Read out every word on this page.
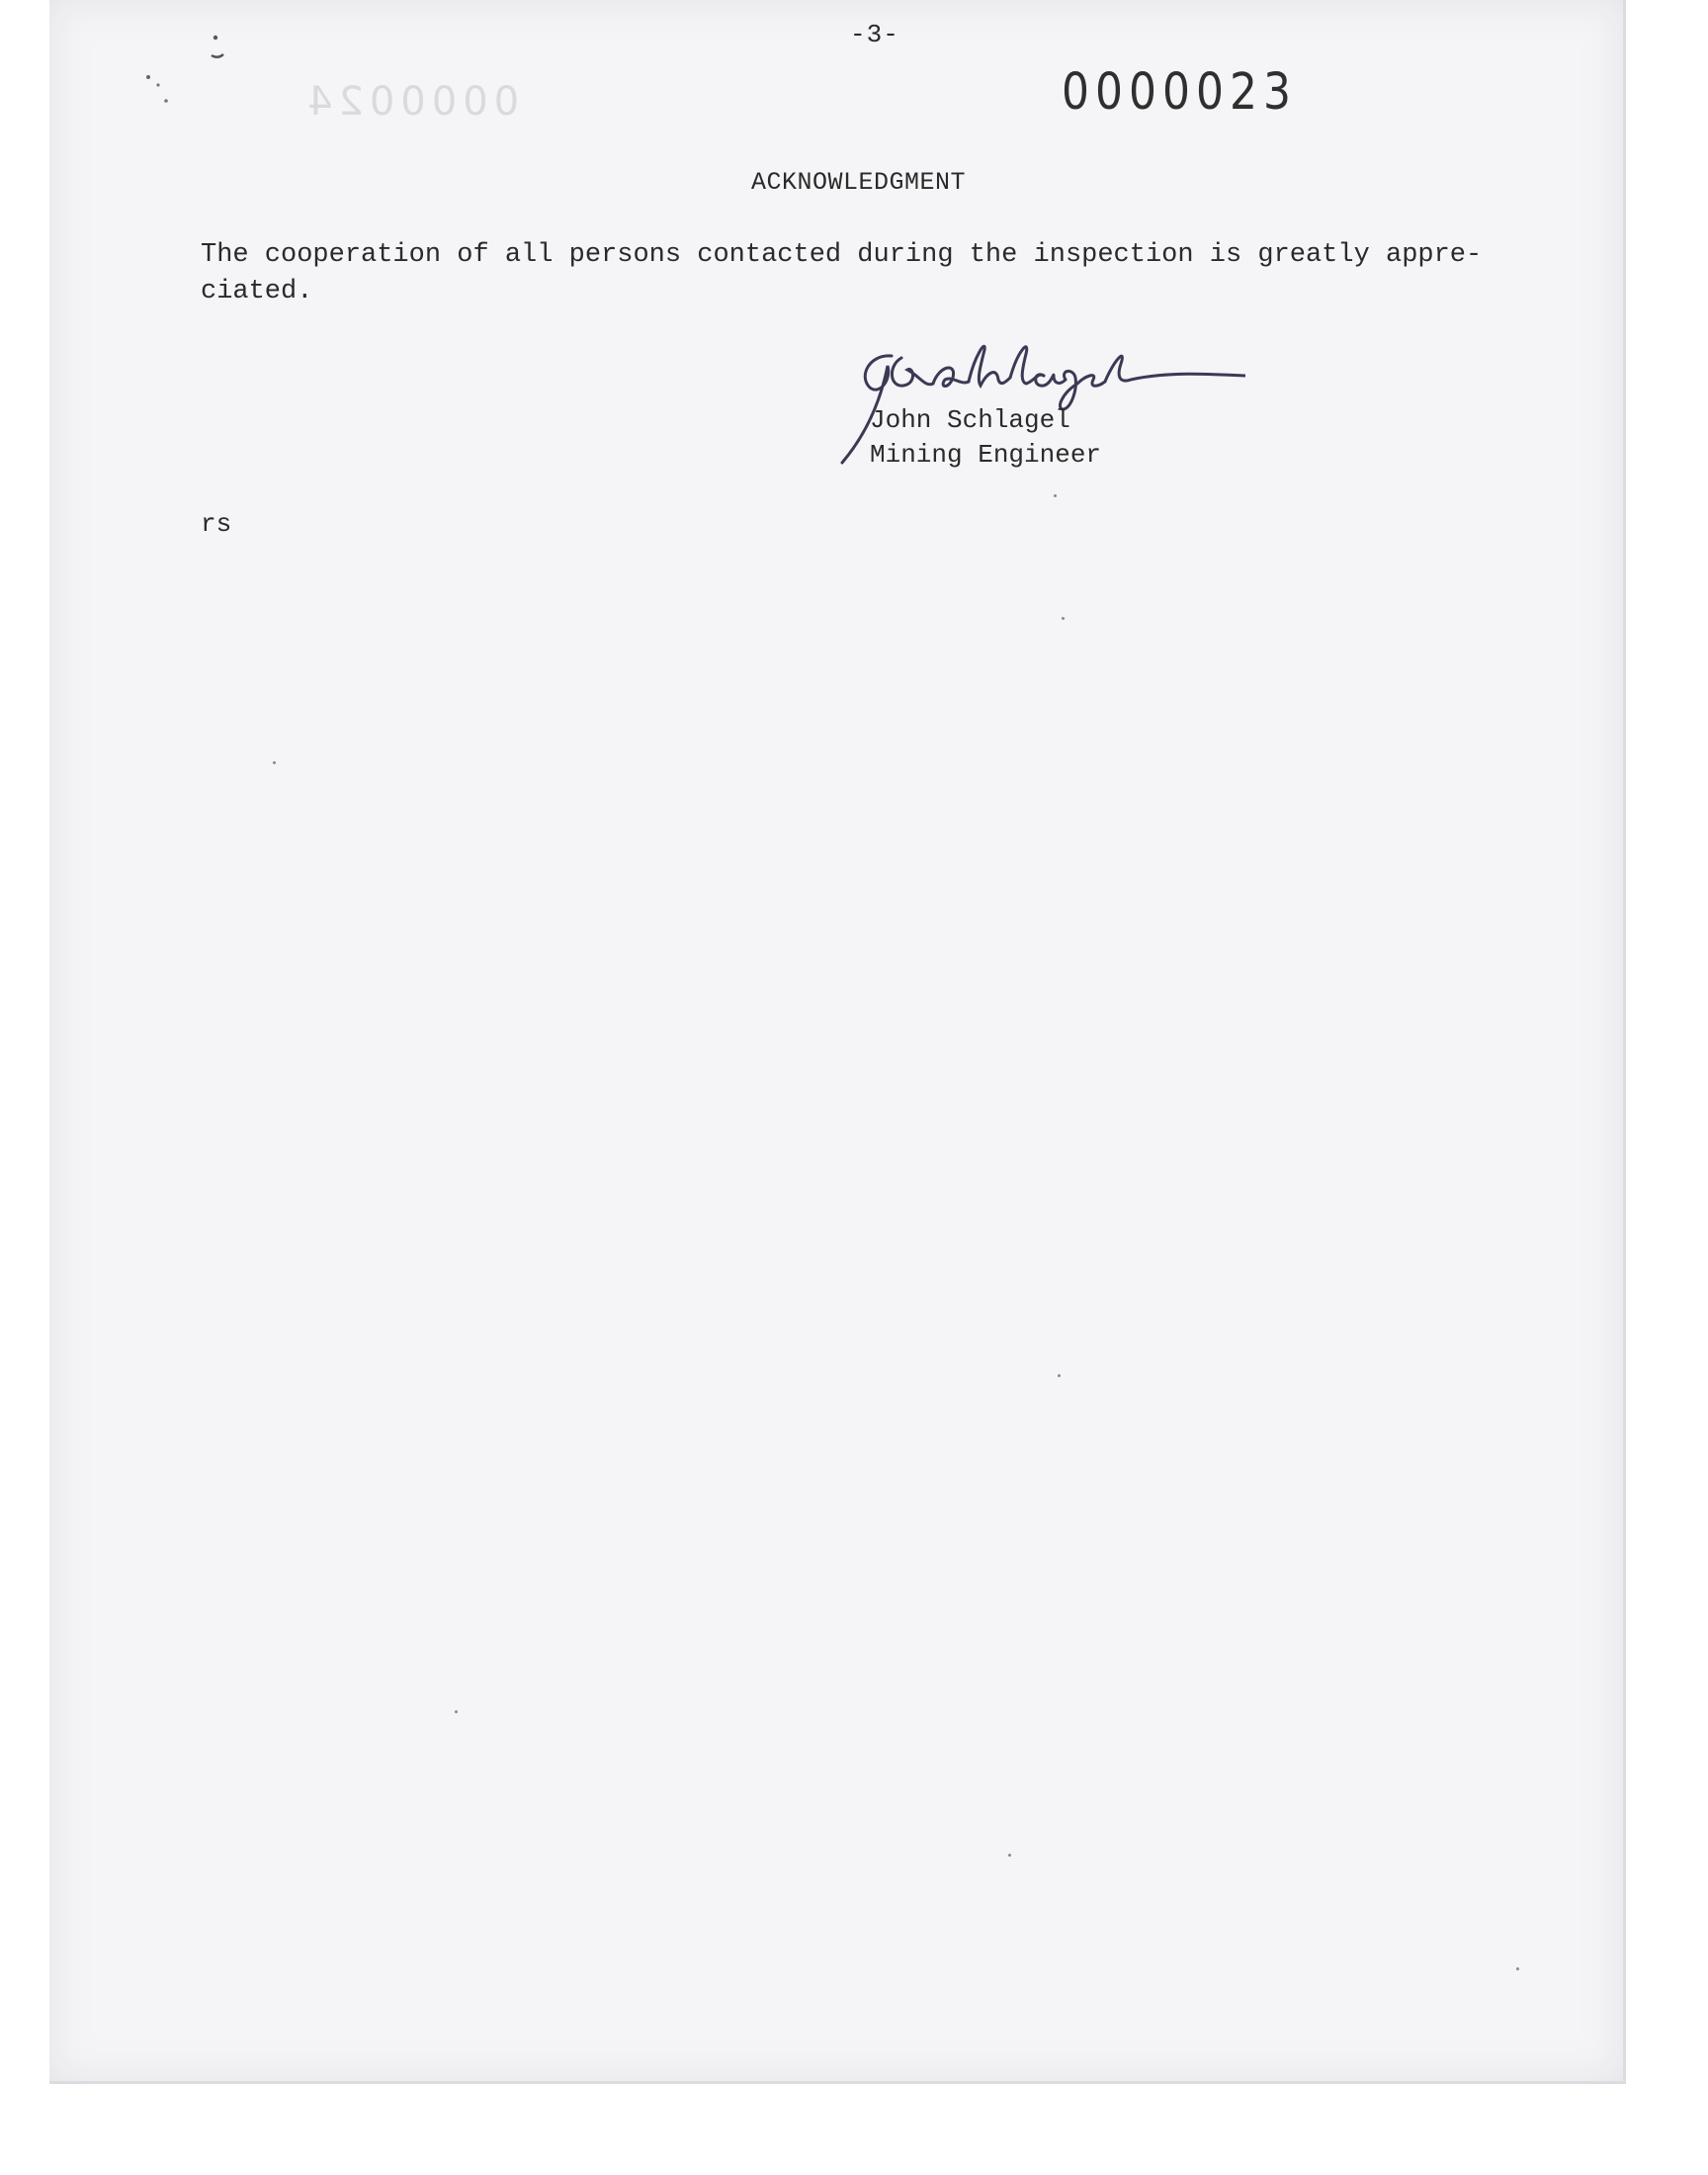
0000024
-3-
0000023
ACKNOWLEDGMENT

The cooperation of all persons contacted during the inspection is greatly appre-
ciated.

John Schlagel
Mining Engineer
rs
